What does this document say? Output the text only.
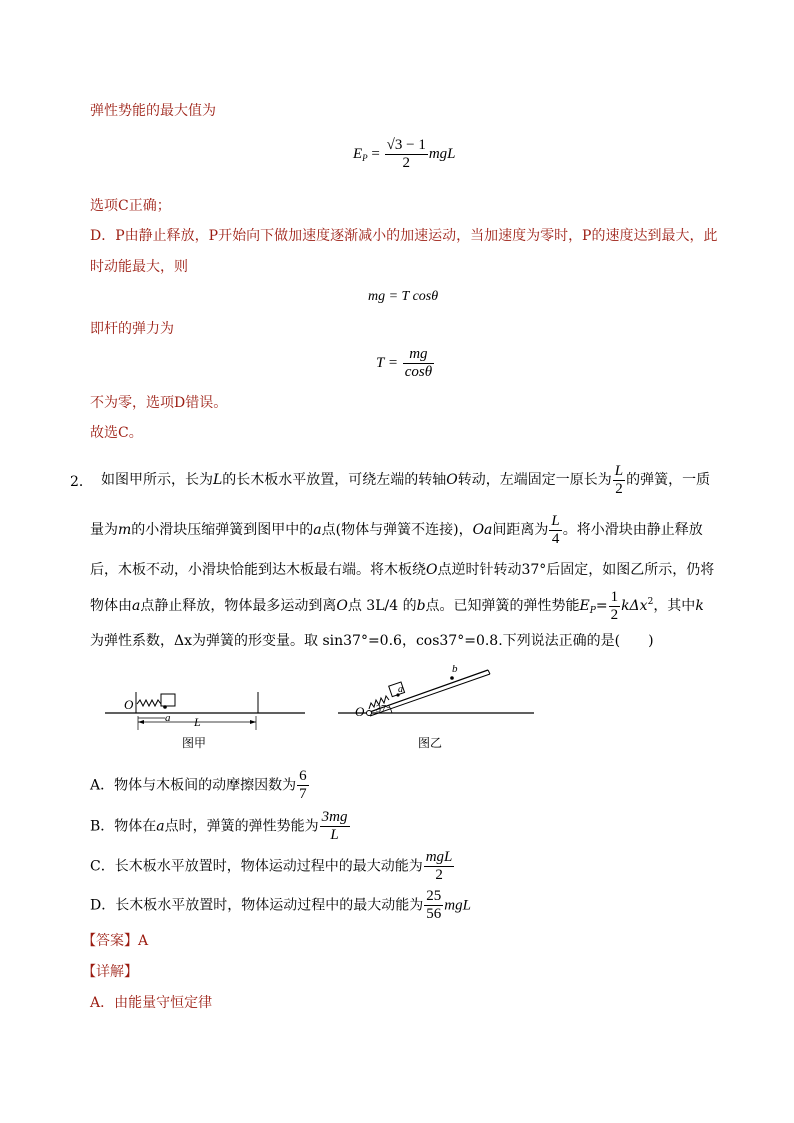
弹性势能的最大值为
$E_P = \frac{√3 - 1}{2}$ mgL
选项C正确；
D．P由静止释放，P开始向下做加速度逐渐减小的加速运动，当加速度为零时，P的速度达到最大，此
时动能最大，则
mg = T cosθ
即杆的弹力为
$T = \frac{mg}{\cos\theta}$
不为零，选项D错误。
故选C。
2． 如图甲所示，长为L的长木板水平放置，可绕左端的转轴O转动，左端固定一原长为 $\frac{L}{2}$ 的弹簧，一质
量为m的小滑块压缩弹簧到图甲中的a点(物体与弹簧不连接)，Oa间距离为 $\frac{L}{4}$ 。将小滑块由静止释放
后，木板不动，小滑块恰能到达木板最右端。将木板绕O点逆时针转动37°后固定，如图乙所示，仍将
物体由a点静止释放，物体最多运动到离O点 3L/4 的b点。已知弹簧的弹性势能$E_P= \frac{1}{2} k\Delta x^2$，其中k
为弹性系数，Δx为弹簧的形变量。取 sin37°=0.6，cos37°=0.8.下列说法正确的是(　　)
O
a L
图甲
a
b
O 37°
图乙
A．物体与木板间的动摩擦因数为 $\frac{6}{7}$
B．物体在a点时，弹簧的弹性势能为 $\frac{3mg}{L}$
C．长木板水平放置时，物体运动过程中的最大动能为 $\frac{\text{mgL}}{2}$
D．长木板水平放置时，物体运动过程中的最大动能为 $\frac{25}{56}$ mgL
【答案】A
【详解】
A．由能量守恒定律
